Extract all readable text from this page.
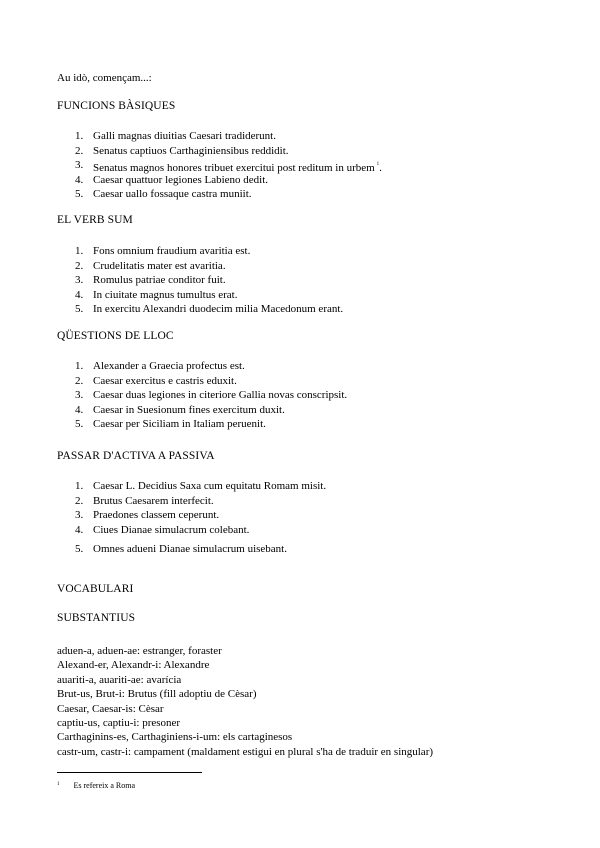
Au idò, començam...:
FUNCIONS BÀSIQUES
1. Galli magnas diuitias Caesari tradiderunt.
2. Senatus captiuos Carthaginiensibus reddidit.
3. Senatus magnos honores tribuet exercitui post reditum in urbem $^1$.
4. Caesar quattuor legiones Labieno dedit.
5. Caesar uallo fossaque castra muniit.
EL VERB SUM
1. Fons omnium fraudium avaritia est.
2. Crudelitatis mater est avaritia.
3. Romulus patriae conditor fuit.
4. In ciuitate magnus tumultus erat.
5. In exercitu Alexandri duodecim milia Macedonum erant.
QÜESTIONS DE LLOC
1. Alexander a Graecia profectus est.
2. Caesar exercitus e castris eduxit.
3. Caesar duas legiones in citeriore Gallia novas conscripsit.
4. Caesar in Suesionum fines exercitum duxit.
5. Caesar per Siciliam in Italiam peruenit.
PASSAR D'ACTIVA A PASSIVA
1. Caesar L. Decidius Saxa cum equitatu Romam misit.
2. Brutus Caesarem interfecit.
3. Praedones classem ceperunt.
4. Ciues Dianae simulacrum colebant.
5. Omnes adueni Dianae simulacrum uisebant.
VOCABULARI
SUBSTANTIUS
aduen-a, aduen-ae: estranger, foraster
Alexand-er, Alexandr-i: Alexandre
auariti-a, auariti-ae: avarícia
Brut-us, Brut-i: Brutus (fill adoptiu de Cèsar)
Caesar, Caesar-is: Cèsar
captiu-us, captiu-i: presoner
Carthaginins-es, Carthaginiens-i-um: els cartaginesos
castr-um, castr-i: campament (maldament estigui en plural s'ha de traduir en singular)
$^1$ Es refereix a Roma
